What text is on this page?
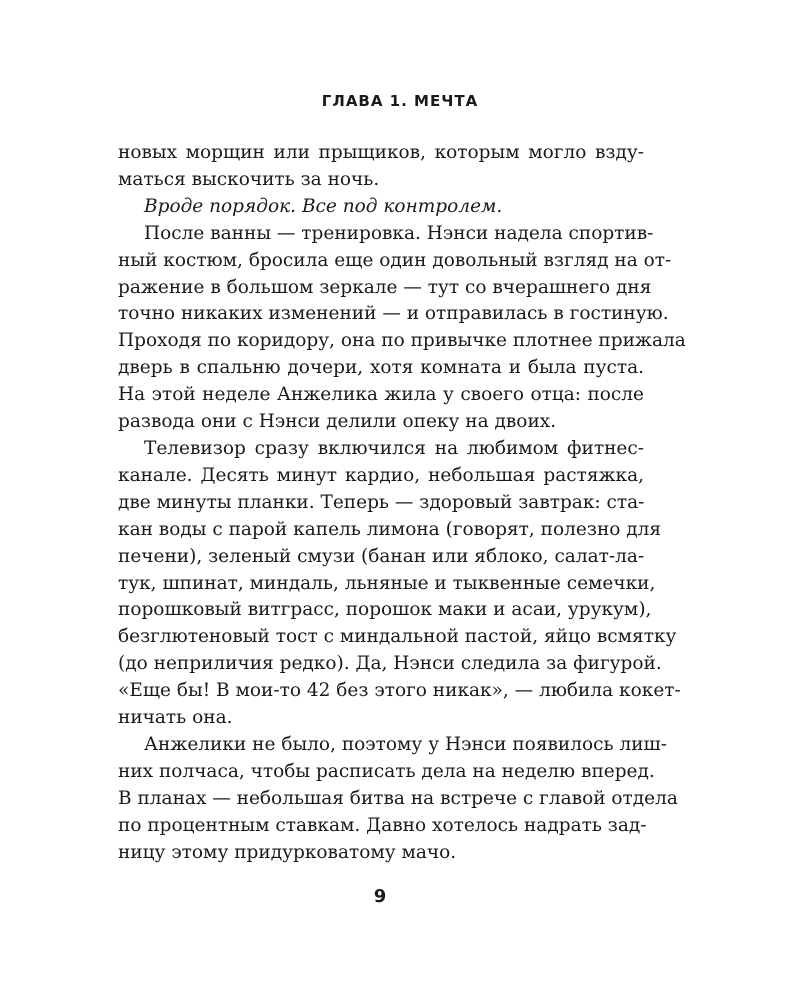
ГЛАВА 1. МЕЧТА
новых морщин или прыщиков, которым могло взду-
маться выскочить за ночь.
Вроде порядок. Все под контролем.
После ванны — тренировка. Нэнси надела спортив-
ный костюм, бросила еще один довольный взгляд на от-
ражение в большом зеркале — тут со вчерашнего дня
точно никаких изменений — и отправилась в гостиную.
Проходя по коридору, она по привычке плотнее прижала
дверь в спальню дочери, хотя комната и была пуста.
На этой неделе Анжелика жила у своего отца: после
развода они с Нэнси делили опеку на двоих.
Телевизор сразу включился на любимом фитнес-
канале. Десять минут кардио, небольшая растяжка,
две минуты планки. Теперь — здоровый завтрак: ста-
кан воды с парой капель лимона (говорят, полезно для
печени), зеленый смузи (банан или яблоко, салат-ла-
тук, шпинат, миндаль, льняные и тыквенные семечки,
порошковый витграсс, порошок маки и асаи, урукум),
безглютеновый тост с миндальной пастой, яйцо всмятку
(до неприличия редко). Да, Нэнси следила за фигурой.
«Еще бы! В мои-то 42 без этого никак», — любила кокет-
ничать она.
Анжелики не было, поэтому у Нэнси появилось лиш-
них полчаса, чтобы расписать дела на неделю вперед.
В планах — небольшая битва на встрече с главой отдела
по процентным ставкам. Давно хотелось надрать зад-
ницу этому придурковатому мачо.
9
